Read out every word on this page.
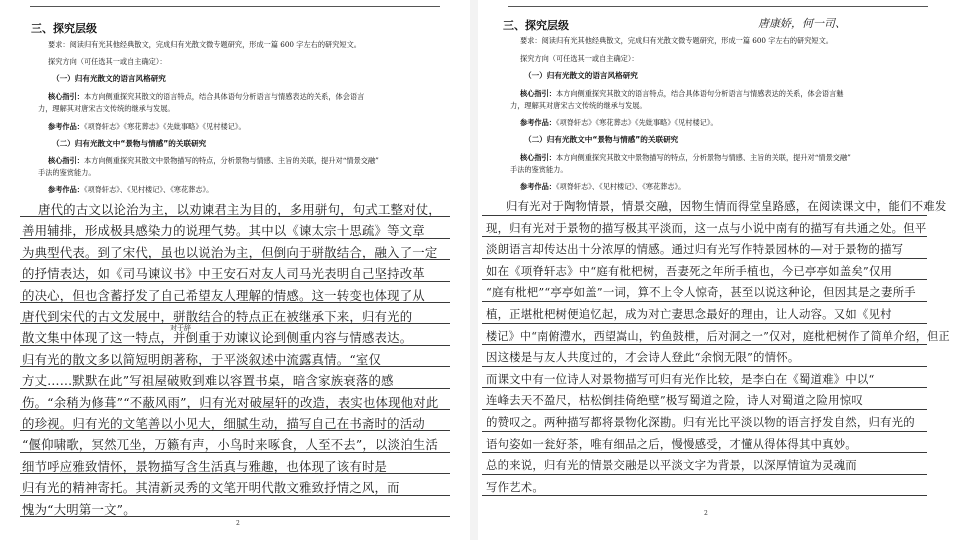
三、探究层级
要求：阅读归有光其他经典散文，完成归有光散文微专题研究，形成一篇 600 字左右的研究短文。
探究方向（可任选其一或自主确定）：
（一）归有光散文的语言风格研究
核心指引：本方向侧重探究其散文的语言特点，结合具体语句分析语言与情感表达的关系，体会语言
力，理解其对唐宋古文传统的继承与发展。
参考作品：《项脊轩志》《寒花葬志》《先妣事略》《见村楼记》。
（二）归有光散文中“景物与情感”的关联研究
核心指引：本方向侧重探究其散文中景物描写的特点，分析景物与情感、主旨的关联，提升对“情景交融”
手法的鉴赏能力。
参考作品：《项脊轩志》、《见村楼记》、《寒花葬志》。
唐代的古文以论治为主，以劝谏君主为目的，多用骈句，句式工整对仗，
善用辅排，形成极具感染力的说理气势。其中以《谏太宗十思疏》等文章
为典型代表。到了宋代，虽也以说治为主，但倒向于骈散结合，融入了一定
的抒情表达，如《司马谏议书》中王安石对友人司马光表明自己坚持改革
的决心，但也含蓄抒发了自己希望友人理解的情感。这一转变也体现了从
唐代到宋代的古文发展中，骈散结合的特点正在被继承下来，归有光的
散文集中体现了这一特点，并倒重于劝谏议论到侧重内容与情感表达。
归有光的散文多以简短明朗著称，于平淡叙述中流露真情。“室仅
方丈……默默在此”写祖屋破败到难以容置书桌，暗含家族衰落的感
伤。“余稍为修葺”“不蔽风雨”，归有光对破屋轩的改造，表实也体现他对此
的珍视。归有光的文笔善以小见大，细腻生动，描写自己在书斋时的活动
“偃仰啸歌，冥然兀坐，万籁有声，小鸟时来啄食，人至不去”，以淡泊生活
细节呼应雅致情怀，景物描写含生活真与雅趣，也体现了该有时是
归有光的精神寄托。其清新灵秀的文笔开明代散文雅致抒情之风，而
愧为“大明第一文”。
对于辞
2
三、探究层级	唐康娇，何一司、
要求：阅读归有光其他经典散文，完成归有光散文微专题研究，形成一篇 600 字左右的研究短文。
探究方向（可任选其一或自主确定）：
（一）归有光散文的语言风格研究
核心指引：本方向侧重探究其散文的语言特点，结合具体语句分析语言与情感表达的关系，体会语言魅
力，理解其对唐宋古文传统的继承与发展。
参考作品：《项脊轩志》《寒花葬志》《先妣事略》《见村楼记》。
（二）归有光散文中“景物与情感”的关联研究
核心指引：本方向侧重探究其散文中景物描写的特点，分析景物与情感、主旨的关联，提升对“情景交融”
手法的鉴赏能力。
参考作品：《项脊轩志》、《见村楼记》、《寒花葬志》。
归有光对于陶物情景，情景交融，因物生情而得堂皇路感，在阅读课文中，能们不难发
现，归有光对于景物的描写极其平淡而，这一点与小说中南有的描写有共通之处。但平
淡朗语言却传达出十分浓厚的情感。通过归有光写作特景园林的—对于景物的描写
如在《项脊轩志》中“庭有枇杷树，吾妻死之年所手植也，今已亭亭如盖矣”仅用
“庭有枇杷”“亭亭如盖”一词，算不上令人惊奇，甚至以说这种论，但因其是之妻所手
植，正堪枇杷树便追忆起，成为对亡妻思念最好的理由，让人动容。又如《见村
楼记》中“南俯澧水，西望嵩山，钓鱼鼓枻，后对洞之一”仅对，庭枇杷树作了简单介绍，但正
因这楼是与友人共度过的，才会诗人登此“余悯无限”的情怀。
而课文中有一位诗人对景物描写可归有光作比较，是李白在《蜀道难》中以“
连峰去天不盈尺，枯松倒挂倚绝壁”极写蜀道之险，诗人对蜀道之险用惊叹
的赞叹之。两种描写都将景物化深勘。归有光比平淡以物的语言抒发自然，归有光的
语句姿如一瓮好茶，唯有细品之后，慢慢感受，才懂从得体得其中真妙。
总的来说，归有光的情景交融是以平淡文字为背景，以深厚情谊为灵魂而
写作艺术。
2
